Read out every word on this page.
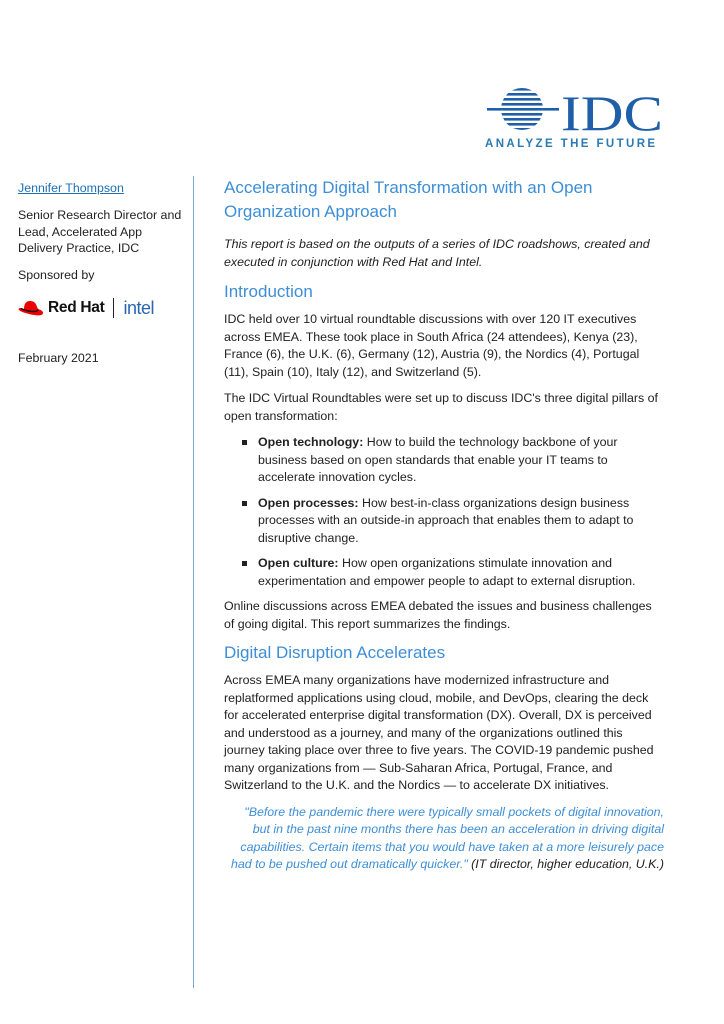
IDC
ANALYZE THE FUTURE
Jennifer Thompson
Senior Research Director and Lead, Accelerated App Delivery Practice, IDC
Sponsored by
Red Hat intel
February 2021
Accelerating Digital Transformation with an Open Organization Approach

This report is based on the outputs of a series of IDC roadshows, created and executed in conjunction with Red Hat and Intel.

Introduction

IDC held over 10 virtual roundtable discussions with over 120 IT executives across EMEA. These took place in South Africa (24 attendees), Kenya (23), France (6), the U.K. (6), Germany (12), Austria (9), the Nordics (4), Portugal (11), Spain (10), Italy (12), and Switzerland (5).

The IDC Virtual Roundtables were set up to discuss IDC's three digital pillars of open transformation:

Open technology: How to build the technology backbone of your business based on open standards that enable your IT teams to accelerate innovation cycles.
Open processes: How best-in-class organizations design business processes with an outside-in approach that enables them to adapt to disruptive change.
Open culture: How open organizations stimulate innovation and experimentation and empower people to adapt to external disruption.

Online discussions across EMEA debated the issues and business challenges of going digital. This report summarizes the findings.

Digital Disruption Accelerates

Across EMEA many organizations have modernized infrastructure and replatformed applications using cloud, mobile, and DevOps, clearing the deck for accelerated enterprise digital transformation (DX). Overall, DX is perceived and understood as a journey, and many of the organizations outlined this journey taking place over three to five years. The COVID-19 pandemic pushed many organizations from — Sub-Saharan Africa, Portugal, France, and Switzerland to the U.K. and the Nordics — to accelerate DX initiatives.

"Before the pandemic there were typically small pockets of digital innovation, but in the past nine months there has been an acceleration in driving digital capabilities. Certain items that you would have taken at a more leisurely pace had to be pushed out dramatically quicker." (IT director, higher education, U.K.)
